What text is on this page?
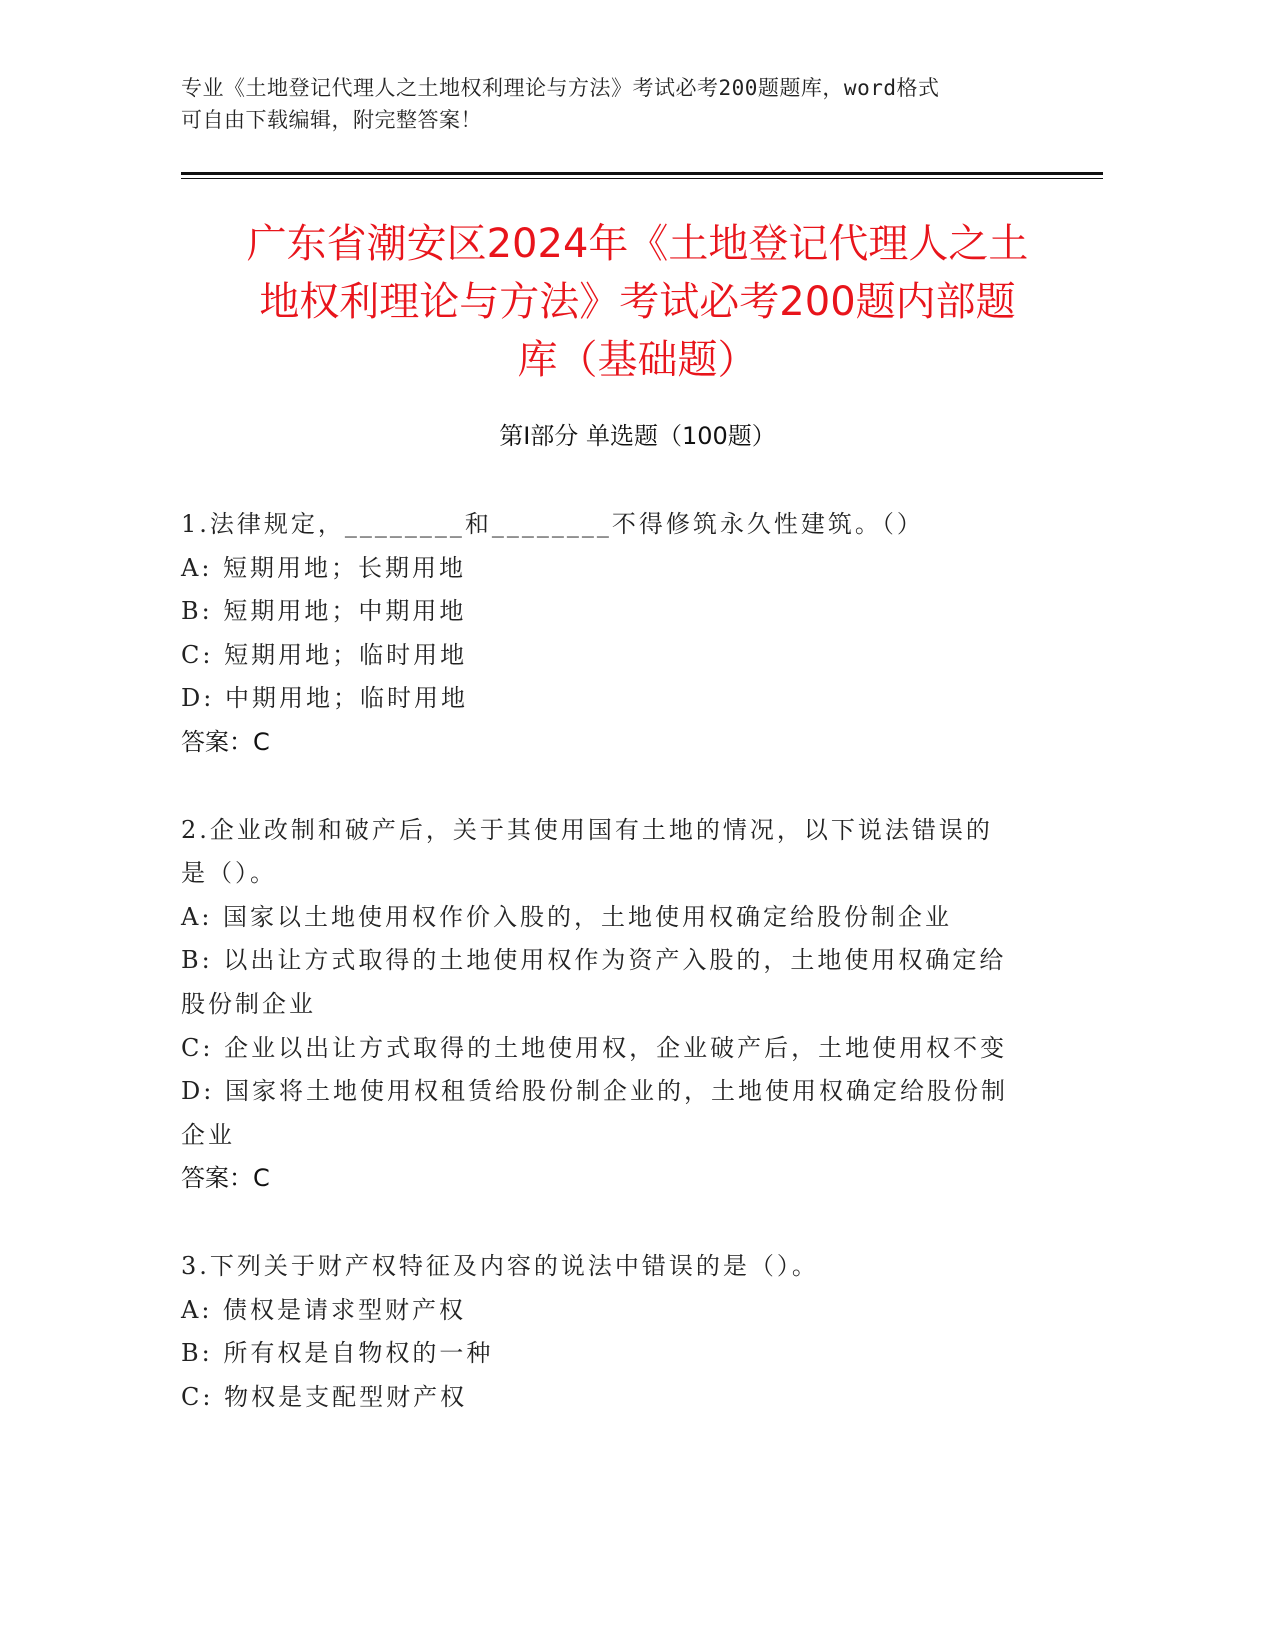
专业《土地登记代理人之土地权利理论与方法》考试必考200题题库，word格式
可自由下载编辑，附完整答案！
广东省潮安区2024年《土地登记代理人之土
地权利理论与方法》考试必考200题内部题
库（基础题）
第Ⅰ部分 单选题（100题）
1.法律规定，________和________不得修筑永久性建筑。（）
A: 短期用地；长期用地
B: 短期用地；中期用地
C: 短期用地；临时用地
D: 中期用地；临时用地
答案：C
2.企业改制和破产后，关于其使用国有土地的情况，以下说法错误的
是（）。
A: 国家以土地使用权作价入股的，土地使用权确定给股份制企业
B: 以出让方式取得的土地使用权作为资产入股的，土地使用权确定给
股份制企业
C: 企业以出让方式取得的土地使用权，企业破产后，土地使用权不变
D: 国家将土地使用权租赁给股份制企业的，土地使用权确定给股份制
企业
答案：C
3.下列关于财产权特征及内容的说法中错误的是（）。
A: 债权是请求型财产权
B: 所有权是自物权的一种
C: 物权是支配型财产权
